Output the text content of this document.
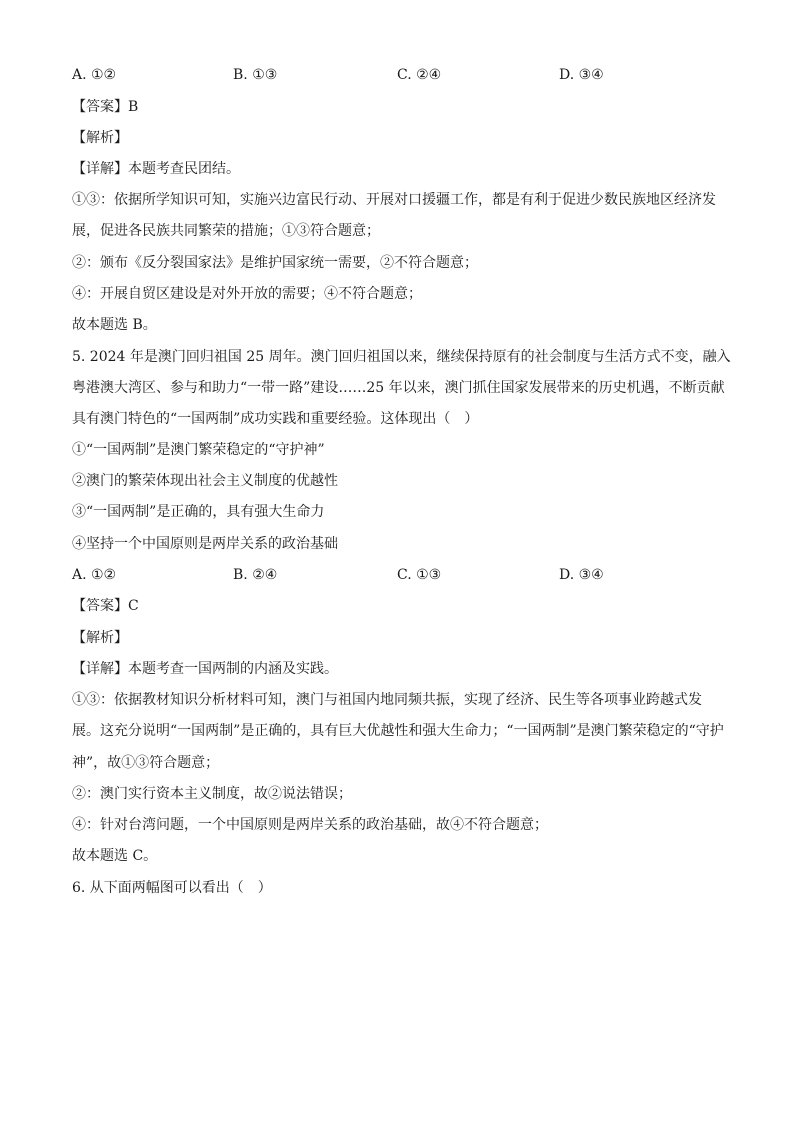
A. ①②	B. ①③	C. ②④	D. ③④
【答案】B
【解析】
【详解】本题考查民团结。
①③：依据所学知识可知，实施兴边富民行动、开展对口援疆工作，都是有利于促进少数民族地区经济发
展，促进各民族共同繁荣的措施；①③符合题意；
②：颁布《反分裂国家法》是维护国家统一需要，②不符合题意；
④：开展自贸区建设是对外开放的需要；④不符合题意；
故本题选 B。
5. 2024 年是澳门回归祖国 25 周年。澳门回归祖国以来，继续保持原有的社会制度与生活方式不变，融入
粤港澳大湾区、参与和助力“一带一路”建设……25 年以来，澳门抓住国家发展带来的历史机遇，不断贡献
具有澳门特色的“一国两制”成功实践和重要经验。这体现出（　）
①“一国两制”是澳门繁荣稳定的“守护神”
②澳门的繁荣体现出社会主义制度的优越性
③“一国两制”是正确的，具有强大生命力
④坚持一个中国原则是两岸关系的政治基础
A. ①②	B. ②④	C. ①③	D. ③④
【答案】C
【解析】
【详解】本题考查一国两制的内涵及实践。
①③：依据教材知识分析材料可知，澳门与祖国内地同频共振，实现了经济、民生等各项事业跨越式发
展。这充分说明“一国两制”是正确的，具有巨大优越性和强大生命力；“一国两制”是澳门繁荣稳定的“守护
神”，故①③符合题意；
②：澳门实行资本主义制度，故②说法错误；
④：针对台湾问题，一个中国原则是两岸关系的政治基础，故④不符合题意；
故本题选 C。
6. 从下面两幅图可以看出（　）
